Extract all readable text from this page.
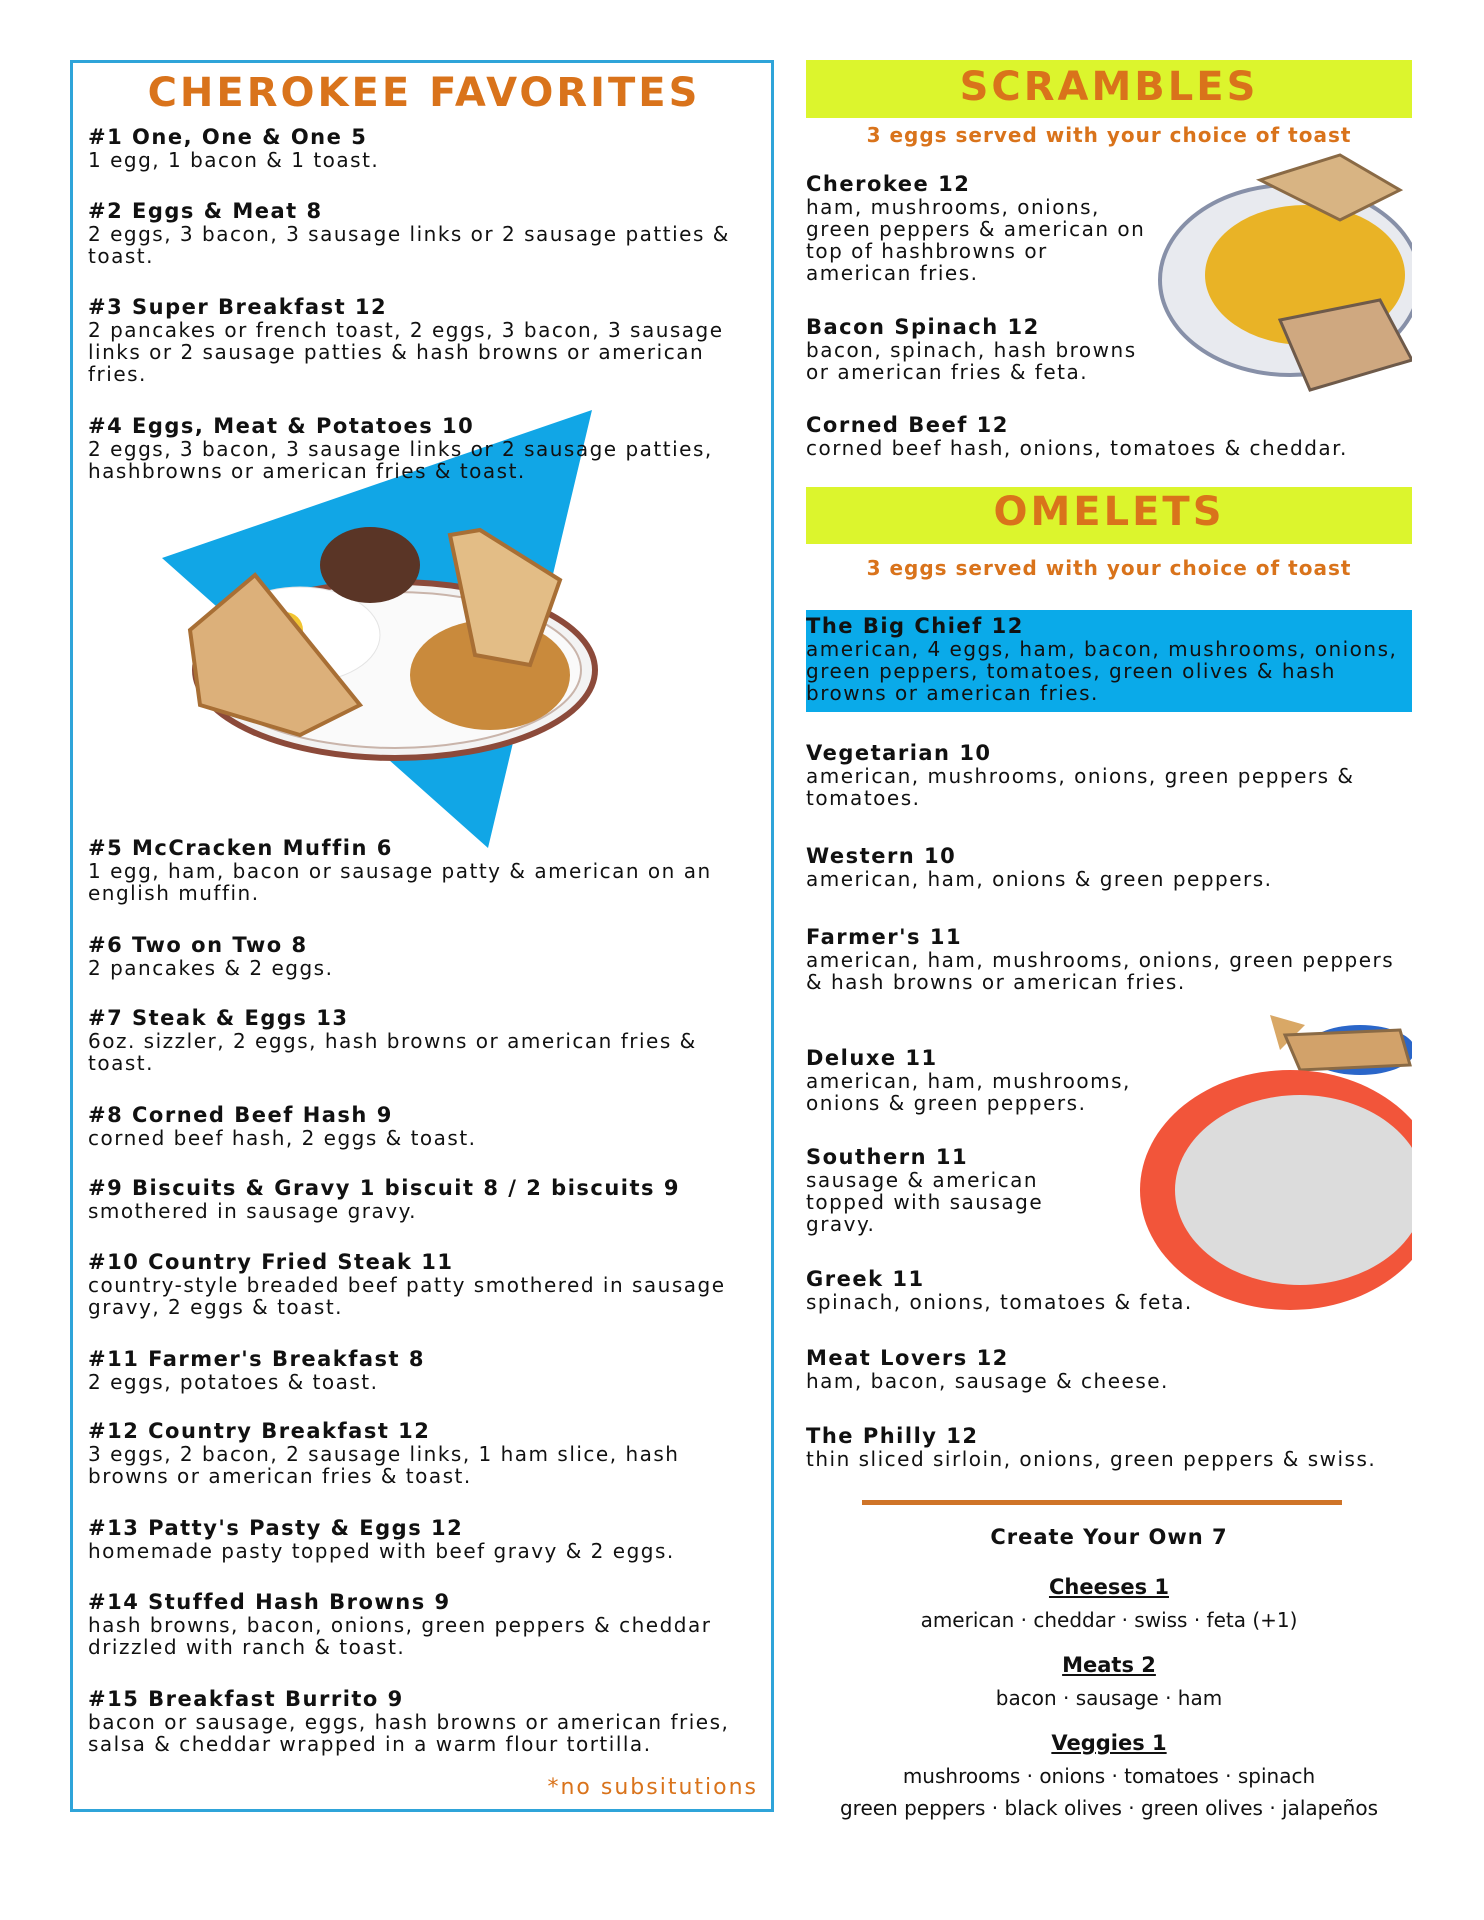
CHEROKEE FAVORITES
#1 One, One & One 5
1 egg, 1 bacon & 1 toast.
#2 Eggs & Meat 8
2 eggs, 3 bacon, 3 sausage links or 2 sausage patties & toast.
#3 Super Breakfast 12
2 pancakes or french toast, 2 eggs, 3 bacon, 3 sausage links or 2 sausage patties & hash browns or american fries.
#4 Eggs, Meat & Potatoes 10
2 eggs, 3 bacon, 3 sausage links or 2 sausage patties, hashbrowns or american fries & toast.
#5 McCracken Muffin 6
1 egg, ham, bacon or sausage patty & american on an english muffin.
#6 Two on Two 8
2 pancakes & 2 eggs.
#7 Steak & Eggs 13
6oz. sizzler, 2 eggs, hash browns or american fries & toast.
#8 Corned Beef Hash 9
corned beef hash, 2 eggs & toast.
#9 Biscuits & Gravy 1 biscuit 8 / 2 biscuits 9
smothered in sausage gravy.
#10 Country Fried Steak 11
country-style breaded beef patty smothered in sausage gravy, 2 eggs & toast.
#11 Farmer's Breakfast 8
2 eggs, potatoes & toast.
#12 Country Breakfast 12
3 eggs, 2 bacon, 2 sausage links, 1 ham slice, hash browns or american fries & toast.
#13 Patty's Pasty & Eggs 12
homemade pasty topped with beef gravy & 2 eggs.
#14 Stuffed Hash Browns 9
hash browns, bacon, onions, green peppers & cheddar drizzled with ranch & toast.
#15 Breakfast Burrito 9
bacon or sausage, eggs, hash browns or american fries, salsa & cheddar wrapped in a warm flour tortilla.
*no subsitutions
SCRAMBLES
3 eggs served with your choice of toast
Cherokee 12
ham, mushrooms, onions, green peppers & american on top of hashbrowns or american fries.
Bacon Spinach 12
bacon, spinach, hash browns or american fries & feta.
Corned Beef 12
corned beef hash, onions, tomatoes & cheddar.
OMELETS
3 eggs served with your choice of toast
The Big Chief 12
american, 4 eggs, ham, bacon, mushrooms, onions, green peppers, tomatoes, green olives & hash browns or american fries.
Vegetarian 10
american, mushrooms, onions, green peppers & tomatoes.
Western 10
american, ham, onions & green peppers.
Farmer's 11
american, ham, mushrooms, onions, green peppers & hash browns or american fries.
Deluxe 11
american, ham, mushrooms, onions & green peppers.
Southern 11
sausage & american topped with sausage gravy.
Greek 11
spinach, onions, tomatoes & feta.
Meat Lovers 12
ham, bacon, sausage & cheese.
The Philly 12
thin sliced sirloin, onions, green peppers & swiss.
Create Your Own 7
Cheeses 1
american · cheddar · swiss · feta (+1)
Meats 2
bacon · sausage · ham
Veggies 1
mushrooms · onions · tomatoes · spinach
green peppers · black olives · green olives · jalapeños
